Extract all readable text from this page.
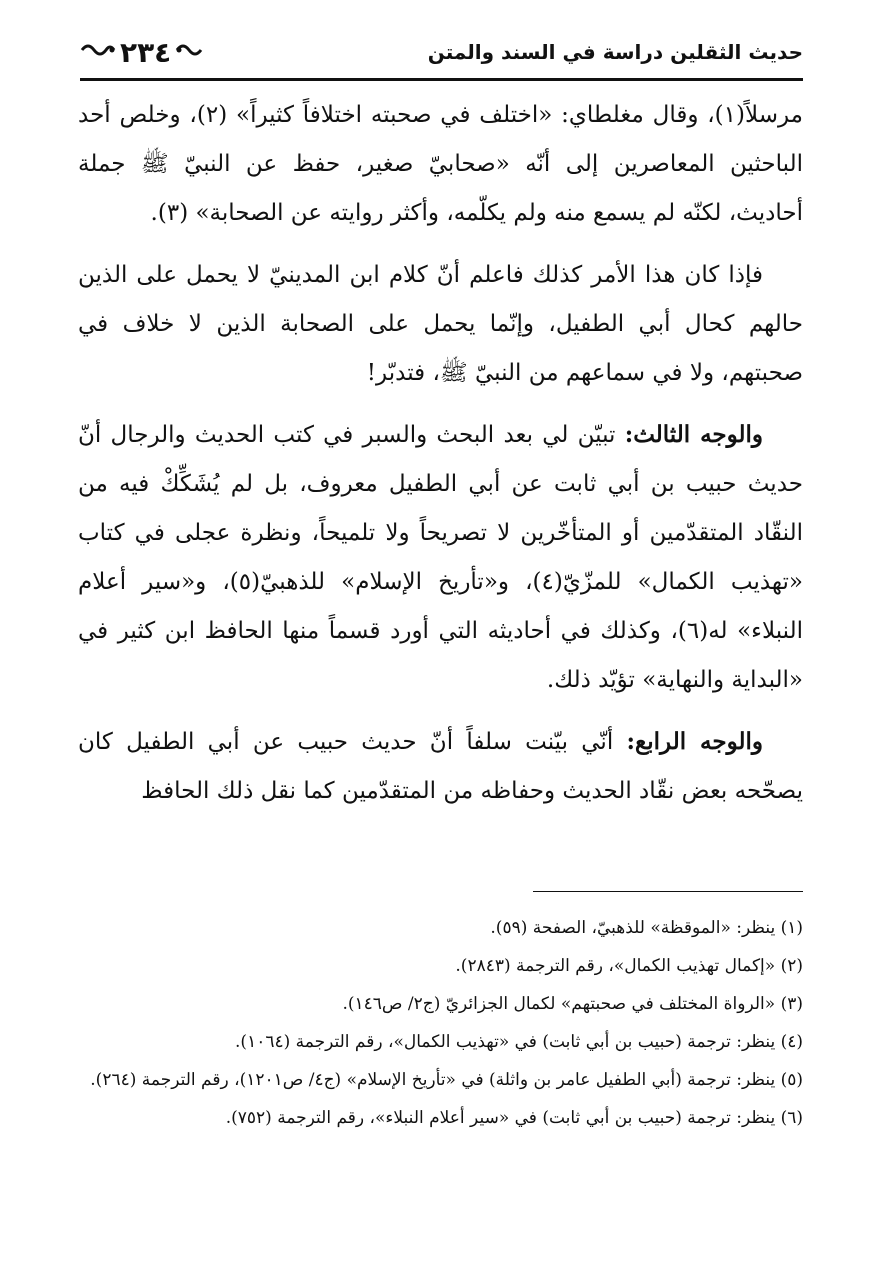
حديث الثقلين دراسة في السند والمتن
٢٣٤

مرسلاً(١)، وقال مغلطاي: «اختلف في صحبته اختلافاً كثيراً» (٢)، وخلص أحد الباحثين المعاصرين إلى أنّه «صحابيّ صغير، حفظ عن النبيّ ﷺ جملة أحاديث، لكنّه لم يسمع منه ولم يكلّمه، وأكثر روايته عن الصحابة» (٣).

فإذا كان هذا الأمر كذلك فاعلم أنّ كلام ابن المدينيّ لا يحمل على الذين حالهم كحال أبي الطفيل، وإنّما يحمل على الصحابة الذين لا خلاف في صحبتهم، ولا في سماعهم من النبيّ ﷺ، فتدبّر!

والوجه الثالث: تبيّن لي بعد البحث والسبر في كتب الحديث والرجال أنّ حديث حبيب بن أبي ثابت عن أبي الطفيل معروف، بل لم يُشَكِّكْ فيه من النقّاد المتقدّمين أو المتأخّرين لا تصريحاً ولا تلميحاً، ونظرة عجلى في كتاب «تهذيب الكمال» للمزّيّ(٤)، و«تأريخ الإسلام» للذهبيّ(٥)، و«سير أعلام النبلاء» له(٦)، وكذلك في أحاديثه التي أورد قسماً منها الحافظ ابن كثير في «البداية والنهاية» تؤيّد ذلك.

والوجه الرابع: أنّي بيّنت سلفاً أنّ حديث حبيب عن أبي الطفيل كان يصحّحه بعض نقّاد الحديث وحفاظه من المتقدّمين كما نقل ذلك الحافظ

(١) ينظر: «الموقظة» للذهبيّ، الصفحة (٥٩).
(٢) «إكمال تهذيب الكمال»، رقم الترجمة (٢٨٤٣).
(٣) «الرواة المختلف في صحبتهم» لكمال الجزائريّ (ج٢/ ص١٤٦).
(٤) ينظر: ترجمة (حبيب بن أبي ثابت) في «تهذيب الكمال»، رقم الترجمة (١٠٦٤).
(٥) ينظر: ترجمة (أبي الطفيل عامر بن واثلة) في «تأريخ الإسلام» (ج٤/ ص١٢٠١)، رقم الترجمة (٢٦٤).
(٦) ينظر: ترجمة (حبيب بن أبي ثابت) في «سير أعلام النبلاء»، رقم الترجمة (٧٥٢).
